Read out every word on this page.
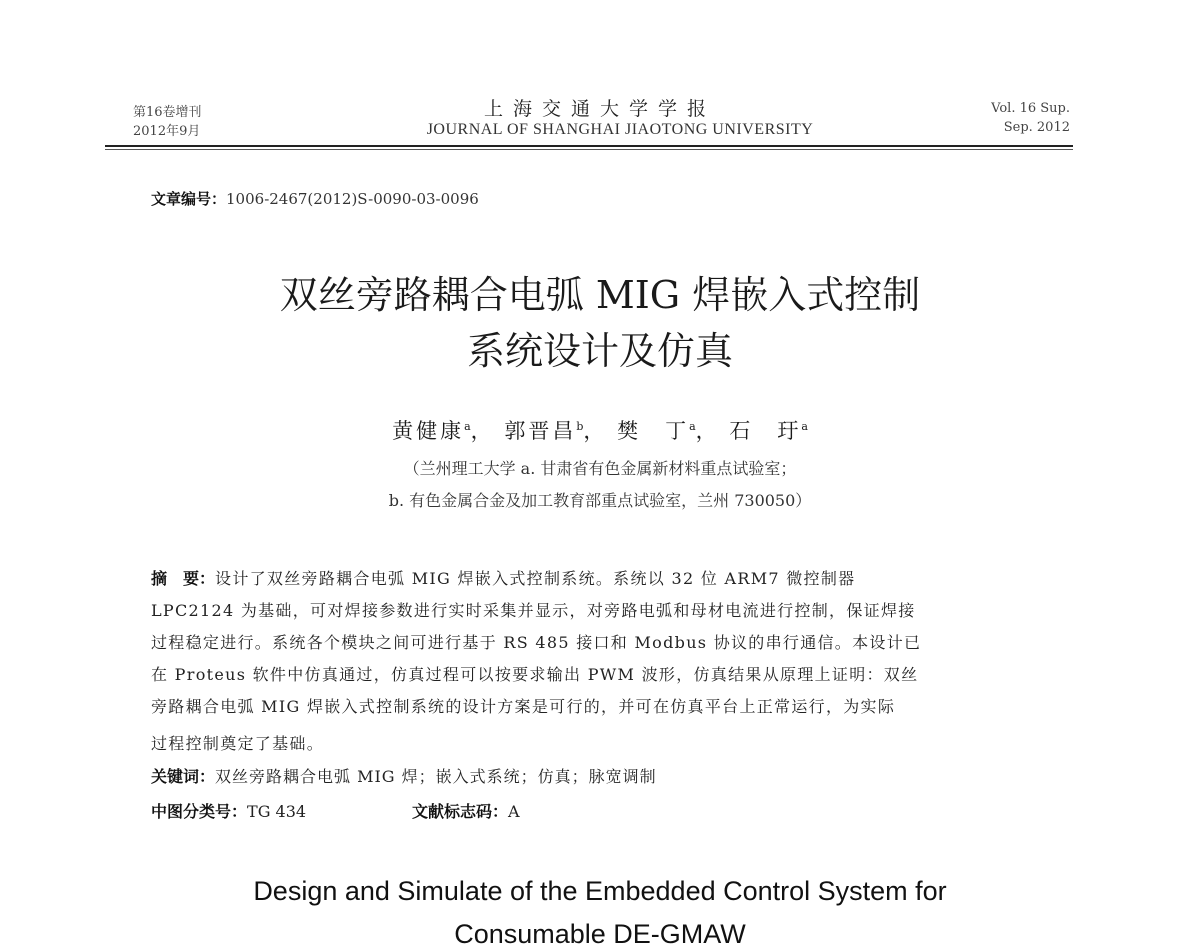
第16卷增刊
2012年9月
上海交通大学学报
JOURNAL OF SHANGHAI JIAOTONG UNIVERSITY
Vol. 16 Sup.
Sep. 2012
文章编号：1006-2467(2012)S-0090-03-0096
双丝旁路耦合电弧 MIG 焊嵌入式控制
系统设计及仿真
黄健康$^a$， 郭晋昌$^b$， 樊　丁$^a$， 石　玗$^a$
（兰州理工大学 a. 甘肃省有色金属新材料重点试验室；
b. 有色金属合金及加工教育部重点试验室，兰州 730050）
摘　要：设计了双丝旁路耦合电弧 MIG 焊嵌入式控制系统。系统以 32 位 ARM7 微控制器
LPC2124 为基础，可对焊接参数进行实时采集并显示，对旁路电弧和母材电流进行控制，保证焊接
过程稳定进行。系统各个模块之间可进行基于 RS 485 接口和 Modbus 协议的串行通信。本设计已
在 Proteus 软件中仿真通过，仿真过程可以按要求输出 PWM 波形，仿真结果从原理上证明：双丝
旁路耦合电弧 MIG 焊嵌入式控制系统的设计方案是可行的，并可在仿真平台上正常运行，为实际
过程控制奠定了基础。
关键词：双丝旁路耦合电弧 MIG 焊；嵌入式系统；仿真；脉宽调制
中图分类号：TG 434	文献标志码：A
Design and Simulate of the Embedded Control System for
Consumable DE-GMAW
